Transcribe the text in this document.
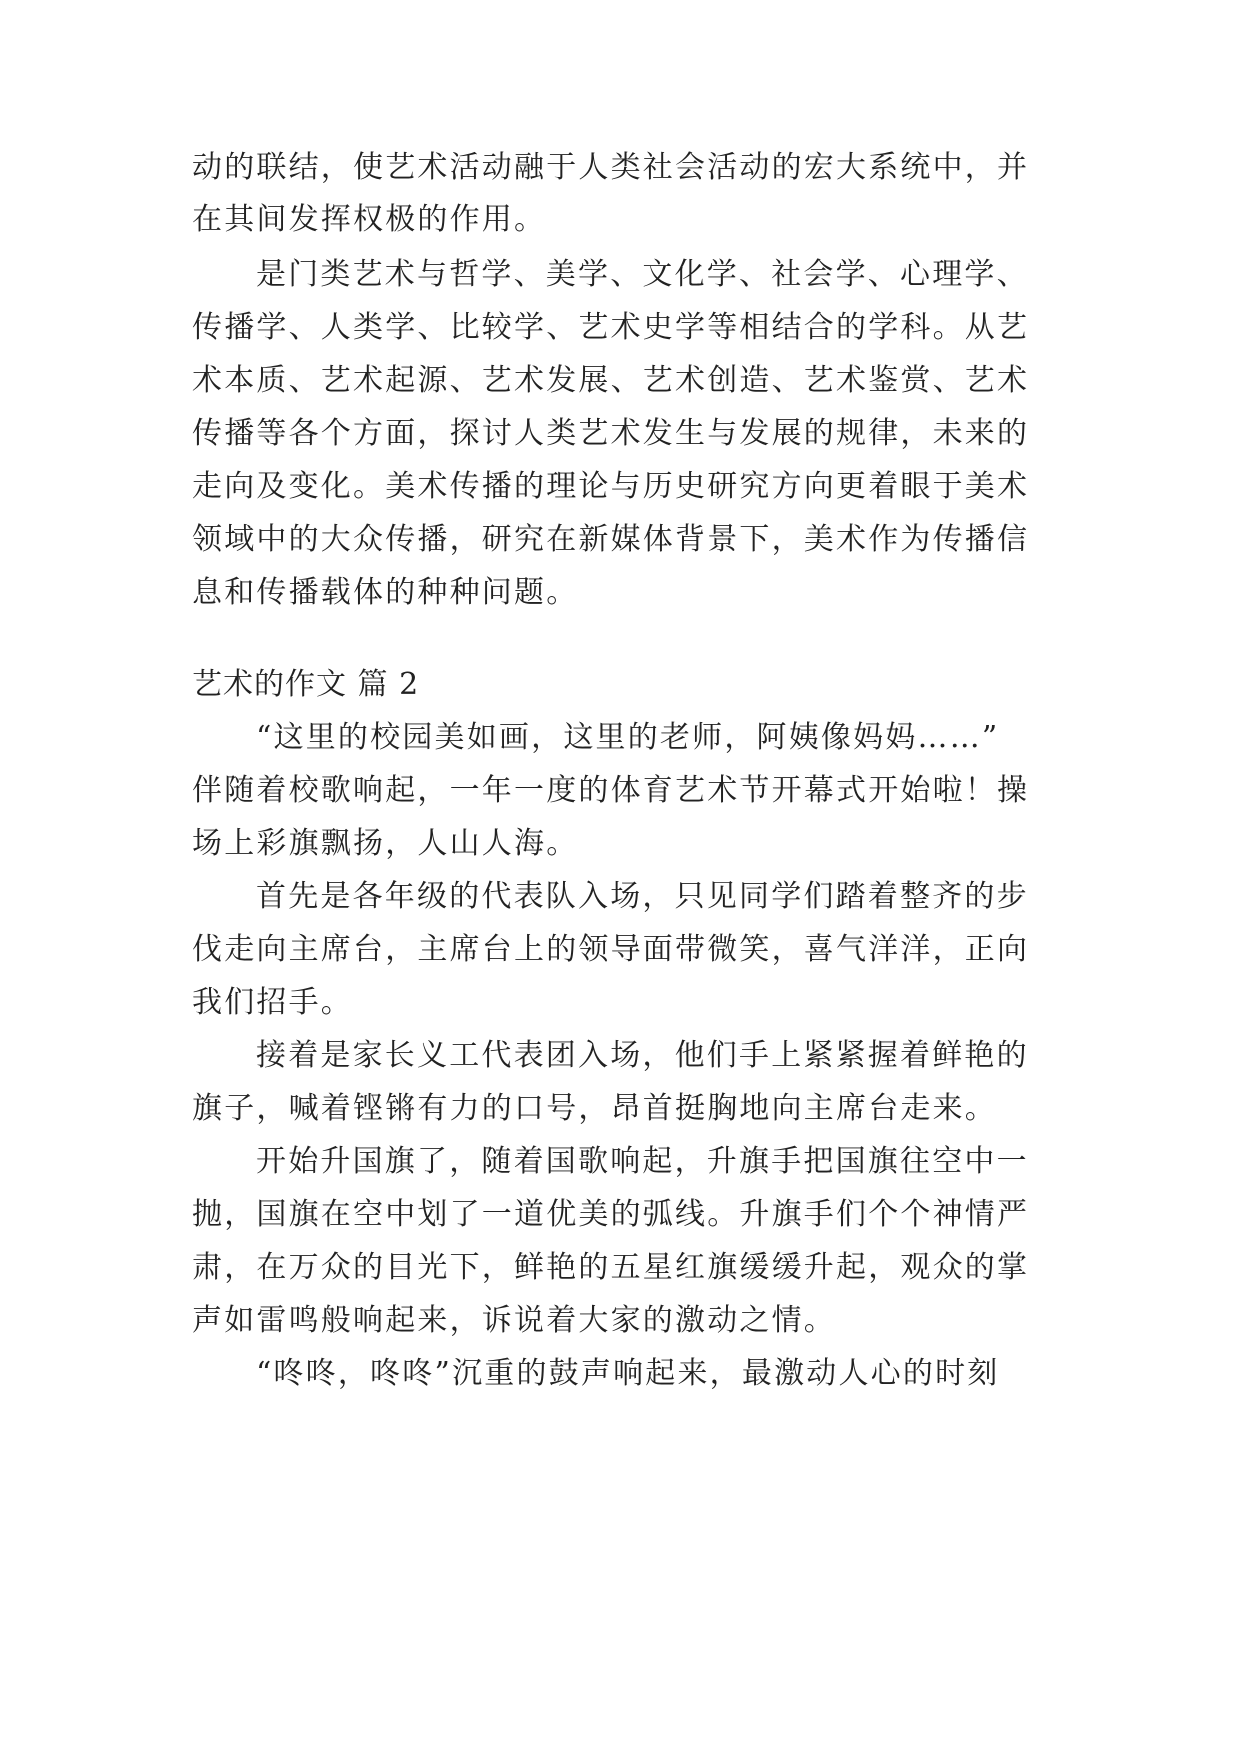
动的联结，使艺术活动融于人类社会活动的宏大系统中，并
在其间发挥权极的作用。
是门类艺术与哲学、美学、文化学、社会学、心理学、
传播学、人类学、比较学、艺术史学等相结合的学科。从艺
术本质、艺术起源、艺术发展、艺术创造、艺术鉴赏、艺术
传播等各个方面，探讨人类艺术发生与发展的规律，未来的
走向及变化。美术传播的理论与历史研究方向更着眼于美术
领域中的大众传播，研究在新媒体背景下，美术作为传播信
息和传播载体的种种问题。
艺术的作文 篇 2
“这里的校园美如画，这里的老师，阿姨像妈妈……”
伴随着校歌响起，一年一度的体育艺术节开幕式开始啦！操
场上彩旗飘扬，人山人海。
首先是各年级的代表队入场，只见同学们踏着整齐的步
伐走向主席台，主席台上的领导面带微笑，喜气洋洋，正向
我们招手。
接着是家长义工代表团入场，他们手上紧紧握着鲜艳的
旗子，喊着铿锵有力的口号，昂首挺胸地向主席台走来。
开始升国旗了，随着国歌响起，升旗手把国旗往空中一
抛，国旗在空中划了一道优美的弧线。升旗手们个个神情严
肃，在万众的目光下，鲜艳的五星红旗缓缓升起，观众的掌
声如雷鸣般响起来，诉说着大家的激动之情。
“咚咚，咚咚”沉重的鼓声响起来，最激动人心的时刻
